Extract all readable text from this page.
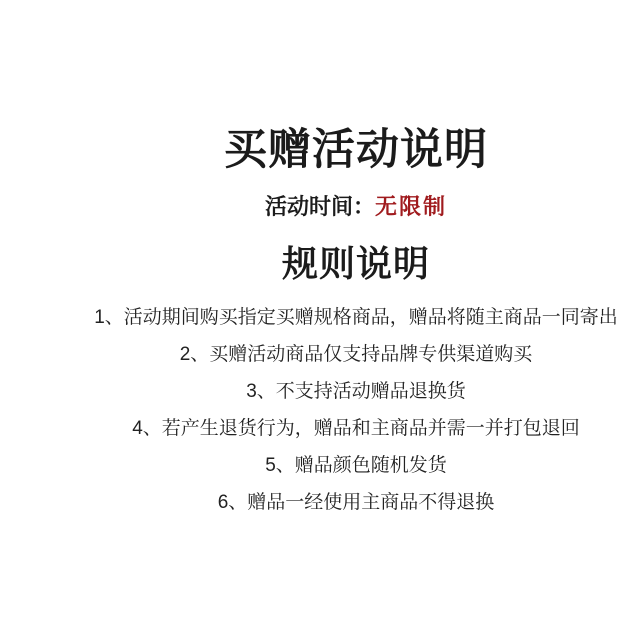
买赠活动说明

活动时间：无限制

规则说明
1、活动期间购买指定买赠规格商品，赠品将随主商品一同寄出
2、买赠活动商品仅支持品牌专供渠道购买
3、不支持活动赠品退换货
4、若产生退货行为，赠品和主商品并需一并打包退回
5、赠品颜色随机发货
6、赠品一经使用主商品不得退换
